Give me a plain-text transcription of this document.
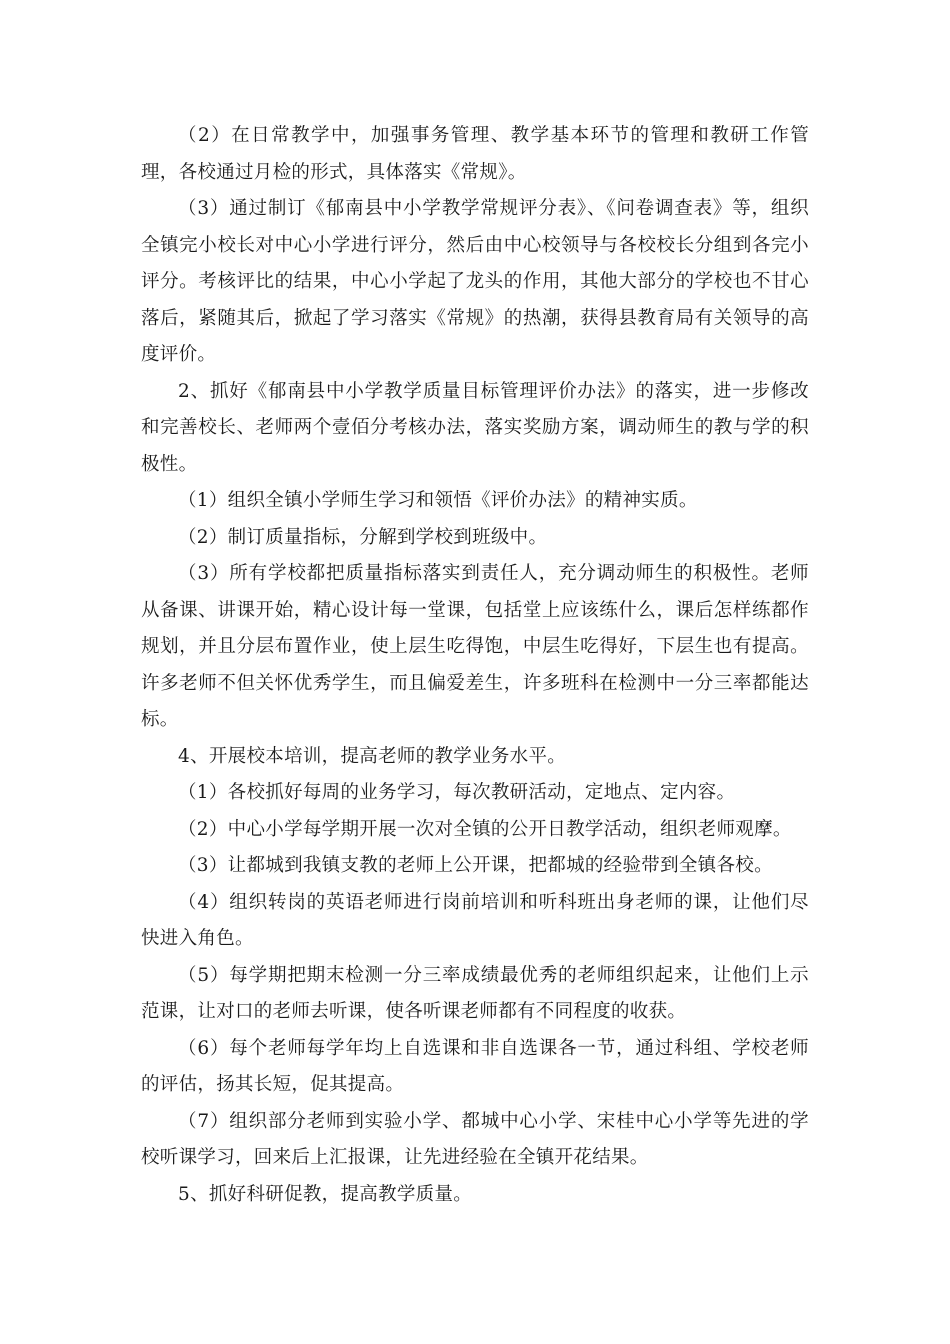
（2）在日常教学中，加强事务管理、教学基本环节的管理和教研工作管理，各校通过月检的形式，具体落实《常规》。

（3）通过制订《郁南县中小学教学常规评分表》、《问卷调查表》等，组织全镇完小校长对中心小学进行评分，然后由中心校领导与各校校长分组到各完小评分。考核评比的结果，中心小学起了龙头的作用，其他大部分的学校也不甘心落后，紧随其后，掀起了学习落实《常规》的热潮，获得县教育局有关领导的高度评价。

2、抓好《郁南县中小学教学质量目标管理评价办法》的落实，进一步修改和完善校长、老师两个壹佰分考核办法，落实奖励方案，调动师生的教与学的积极性。

（1）组织全镇小学师生学习和领悟《评价办法》的精神实质。

（2）制订质量指标，分解到学校到班级中。

（3）所有学校都把质量指标落实到责任人，充分调动师生的积极性。老师从备课、讲课开始，精心设计每一堂课，包括堂上应该练什么，课后怎样练都作规划，并且分层布置作业，使上层生吃得饱，中层生吃得好，下层生也有提高。许多老师不但关怀优秀学生，而且偏爱差生，许多班科在检测中一分三率都能达标。

4、开展校本培训，提高老师的教学业务水平。

（1）各校抓好每周的业务学习，每次教研活动，定地点、定内容。

（2）中心小学每学期开展一次对全镇的公开日教学活动，组织老师观摩。

（3）让都城到我镇支教的老师上公开课，把都城的经验带到全镇各校。

（4）组织转岗的英语老师进行岗前培训和听科班出身老师的课，让他们尽快进入角色。

（5）每学期把期末检测一分三率成绩最优秀的老师组织起来，让他们上示范课，让对口的老师去听课，使各听课老师都有不同程度的收获。

（6）每个老师每学年均上自选课和非自选课各一节，通过科组、学校老师的评估，扬其长短，促其提高。

（7）组织部分老师到实验小学、都城中心小学、宋桂中心小学等先进的学校听课学习，回来后上汇报课，让先进经验在全镇开花结果。

5、抓好科研促教，提高教学质量。
